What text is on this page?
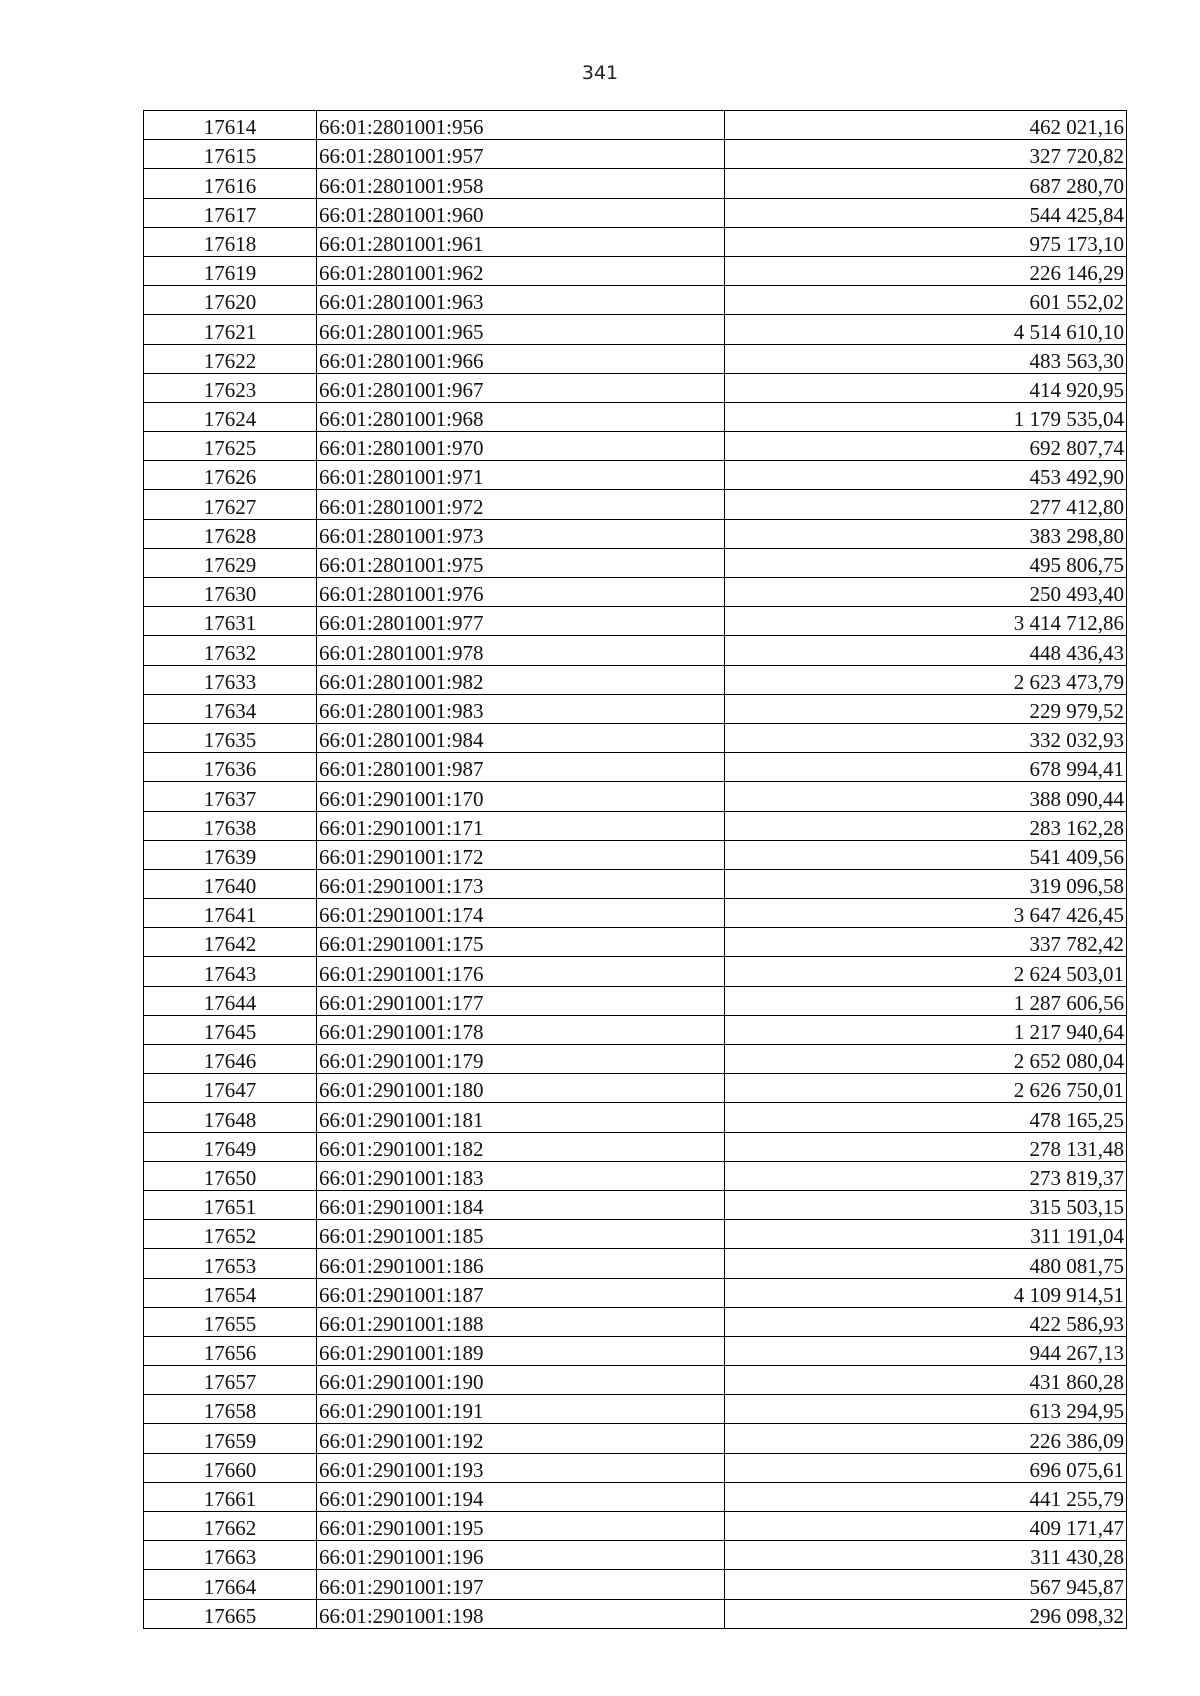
341
17614	66:01:2801001:956	462 021,16
17615	66:01:2801001:957	327 720,82
17616	66:01:2801001:958	687 280,70
17617	66:01:2801001:960	544 425,84
17618	66:01:2801001:961	975 173,10
17619	66:01:2801001:962	226 146,29
17620	66:01:2801001:963	601 552,02
17621	66:01:2801001:965	4 514 610,10
17622	66:01:2801001:966	483 563,30
17623	66:01:2801001:967	414 920,95
17624	66:01:2801001:968	1 179 535,04
17625	66:01:2801001:970	692 807,74
17626	66:01:2801001:971	453 492,90
17627	66:01:2801001:972	277 412,80
17628	66:01:2801001:973	383 298,80
17629	66:01:2801001:975	495 806,75
17630	66:01:2801001:976	250 493,40
17631	66:01:2801001:977	3 414 712,86
17632	66:01:2801001:978	448 436,43
17633	66:01:2801001:982	2 623 473,79
17634	66:01:2801001:983	229 979,52
17635	66:01:2801001:984	332 032,93
17636	66:01:2801001:987	678 994,41
17637	66:01:2901001:170	388 090,44
17638	66:01:2901001:171	283 162,28
17639	66:01:2901001:172	541 409,56
17640	66:01:2901001:173	319 096,58
17641	66:01:2901001:174	3 647 426,45
17642	66:01:2901001:175	337 782,42
17643	66:01:2901001:176	2 624 503,01
17644	66:01:2901001:177	1 287 606,56
17645	66:01:2901001:178	1 217 940,64
17646	66:01:2901001:179	2 652 080,04
17647	66:01:2901001:180	2 626 750,01
17648	66:01:2901001:181	478 165,25
17649	66:01:2901001:182	278 131,48
17650	66:01:2901001:183	273 819,37
17651	66:01:2901001:184	315 503,15
17652	66:01:2901001:185	311 191,04
17653	66:01:2901001:186	480 081,75
17654	66:01:2901001:187	4 109 914,51
17655	66:01:2901001:188	422 586,93
17656	66:01:2901001:189	944 267,13
17657	66:01:2901001:190	431 860,28
17658	66:01:2901001:191	613 294,95
17659	66:01:2901001:192	226 386,09
17660	66:01:2901001:193	696 075,61
17661	66:01:2901001:194	441 255,79
17662	66:01:2901001:195	409 171,47
17663	66:01:2901001:196	311 430,28
17664	66:01:2901001:197	567 945,87
17665	66:01:2901001:198	296 098,32
